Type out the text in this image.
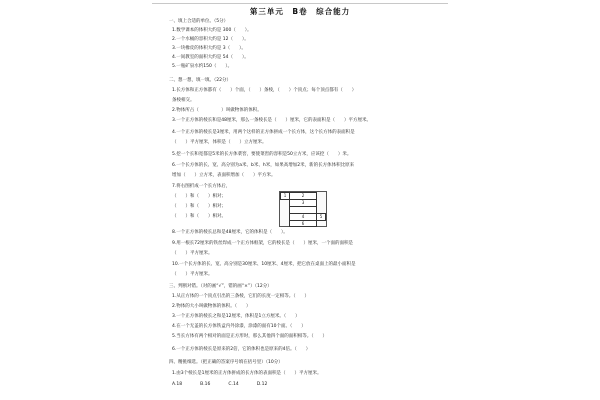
第三单元　B卷　综合能力
一、填上合适的单位。（5分）
1.数学课本的体积大约是 300（　　）。
2.一个水桶的容积大约是 12（　　）。
3.一块橡皮的体积大约是 3（　　）。
4.一间教室的面积大约是 54（　　）。
5.一瓶矿泉水约150（　　）。
二、想一想，填一填。（22分）
1.长方体和正方体都有（　　）个面，（　　）条棱，（　　）个顶点；每个顶点都有（　　）
条棱相交。
2.物体所占（　　　　　）叫做物体的体积。
3.一个正方体的棱长和是48厘米，那么一条棱长是（　　）厘米，它的表面积是（　　）平方厘米。
4.一个正方体的棱长是3厘米，用两个这样的正方体拼成一个长方体，这个长方体的表面积是
（　　）平方厘米，体积是（　　）立方厘米。
5.挖一个长和宽都是5米的长方体菜窖，要使菜窖的容积是50立方米，应该挖（　　）米。
6.一个长方体的长、宽、高分别为a米、b米、h米，如果高增加2米，新的长方体体积比原来
增加（　　）立方米，表面积增加（　　）平方米。
7.将右图折成一个长方体后，
（　　）和（　　）相对；
（　　）和（　　）相对；
（　　）和（　　）相对。
1	2
3
4	5
6
8.一个正方体的棱长总和是48厘米，它的体积是（　　）。
9.用一根长72厘米的铁丝焊成一个正方体框架，它的棱长是（　　）厘米，一个面的面积是
（　　）平方厘米。
10.一个长方体的长、宽、高分别是30厘米、10厘米、4厘米，把它放在桌面上的最小面积是
（　　）平方厘米。
三、判断对错。（对的画“√”，错的画“×”）（12分）
1.从正方体的一个顶点引出的三条棱，它们的长度一定相等。（　　）
2.物体的大小叫做物体的体积。（　　）
3.一个正方体的棱长之和是12厘米，体积是1立方厘米。（　　）
4.在一个无盖的长方体铁盒内外涂漆，涂漆的面有10个面。（　　）
5.当长方体有两个相对的面是正方形时，那么其他四个面的面积相等。（　　）
6.一个正方体的棱长是原来的2倍，它的体积也是原来的4倍。（　　）
四、精挑细选。（把正确的答案序号填在括号里）（10分）
1.由3个棱长是1厘米的正方体拼成的长方体的表面积是（　　）平方厘米。
A.18　　　　B.16　　　　C.14　　　　D.12
